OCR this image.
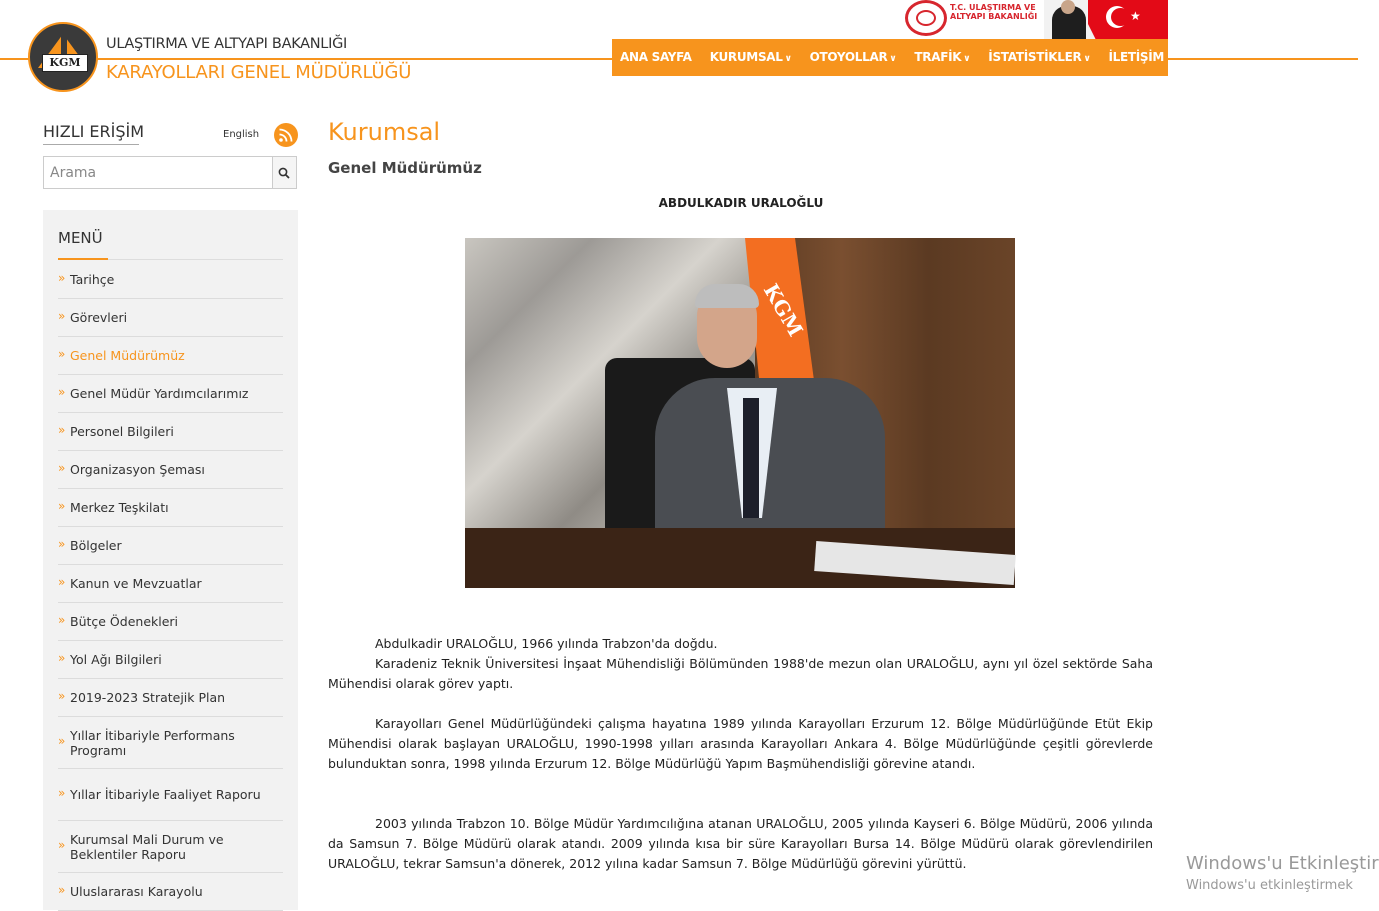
KGM
ULAŞTIRMA VE ALTYAPI BAKANLIĞI
KARAYOLLARI GENEL MÜDÜRLÜĞÜ
T.C. ULAŞTIRMA VE
ALTYAPI BAKANLIĞI	★
ANA SAYFA KURUMSAL ∨ OTOYOLLAR ∨ TRAFİK ∨ İSTATİSTİKLER ∨ İLETİŞİM
HIZLI ERİŞİM	English
Arama
MENÜ
» Tarihçe
» Görevleri
» Genel Müdürümüz
» Genel Müdür Yardımcılarımız
» Personel Bilgileri
» Organizasyon Şeması
» Merkez Teşkilatı
» Bölgeler
» Kanun ve Mevzuatlar
» Bütçe Ödenekleri
» Yol Ağı Bilgileri
» 2019-2023 Stratejik Plan
» Yıllar İtibariyle Performans Programı
» Yıllar İtibariyle Faaliyet Raporu
» Kurumsal Mali Durum ve Beklentiler Raporu
» Uluslararası Karayolu
Kurumsal
Genel Müdürümüz
ABDULKADIR URALOĞLU
KGM

Abdulkadir URALOĞLU, 1966 yılında Trabzon'da doğdu.

Karadeniz Teknik Üniversitesi İnşaat Mühendisliği Bölümünden 1988'de mezun olan URALOĞLU, aynı yıl özel sektörde Saha Mühendisi olarak görev yaptı.

Karayolları Genel Müdürlüğündeki çalışma hayatına 1989 yılında Karayolları Erzurum 12. Bölge Müdürlüğünde Etüt Ekip Mühendisi olarak başlayan URALOĞLU, 1990-1998 yılları arasında Karayolları Ankara 4. Bölge Müdürlüğünde çeşitli görevlerde bulunduktan sonra, 1998 yılında Erzurum 12. Bölge Müdürlüğü Yapım Başmühendisliği görevine atandı.

2003 yılında Trabzon 10. Bölge Müdür Yardımcılığına atanan URALOĞLU, 2005 yılında Kayseri 6. Bölge Müdürü, 2006 yılında da Samsun 7. Bölge Müdürü olarak atandı. 2009 yılında kısa bir süre Karayolları Bursa 14. Bölge Müdürü olarak görevlendirilen URALOĞLU, tekrar Samsun'a dönerek, 2012 yılına kadar Samsun 7. Bölge Müdürlüğü görevini yürüttü.	Windows'u Etkinleştir
Windows'u etkinleştirmek
